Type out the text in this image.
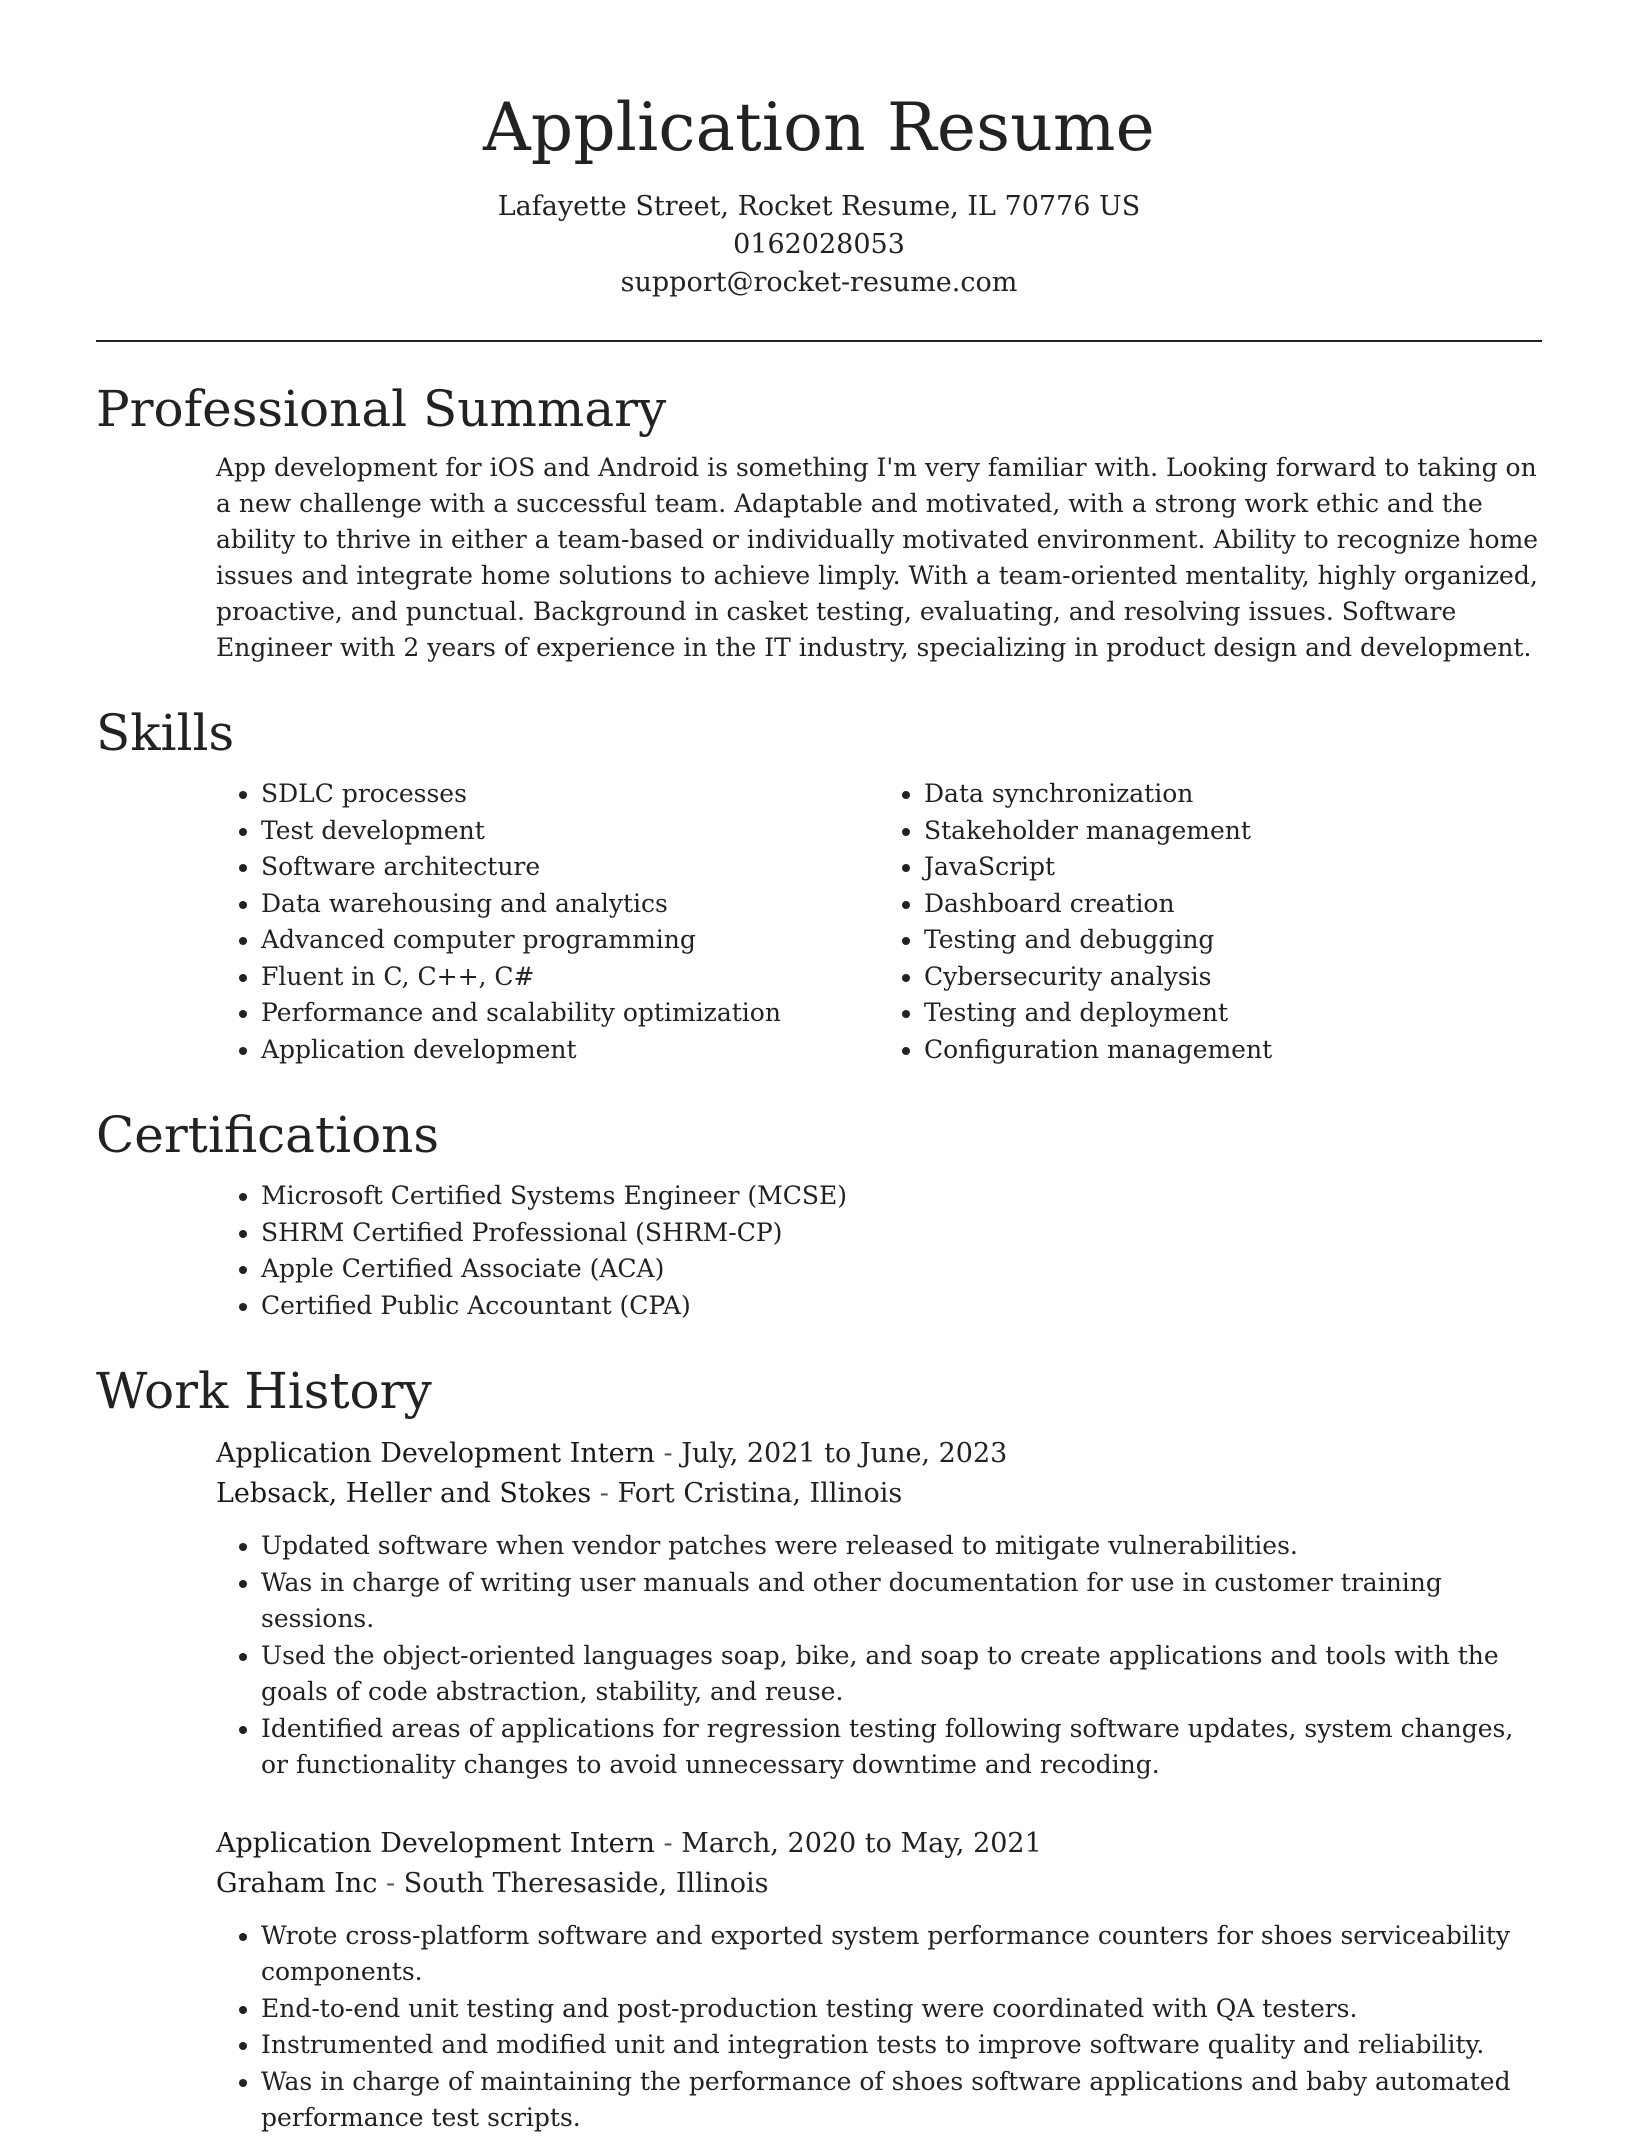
Application Resume
Lafayette Street, Rocket Resume, IL 70776 US
0162028053
support@rocket-resume.com
Professional Summary

App development for iOS and Android is something I'm very familiar with. Looking forward to taking on a new challenge with a successful team. Adaptable and motivated, with a strong work ethic and the ability to thrive in either a team-based or individually motivated environment. Ability to recognize home issues and integrate home solutions to achieve limply. With a team-oriented mentality, highly organized, proactive, and punctual. Background in casket testing, evaluating, and resolving issues. Software Engineer with 2 years of experience in the IT industry, specializing in product design and development.

Skills
• SDLC processes
• Test development
• Software architecture
• Data warehousing and analytics
• Advanced computer programming
• Fluent in C, C++, C#
• Performance and scalability optimization
• Application development
• Data synchronization
• Stakeholder management
• JavaScript
• Dashboard creation
• Testing and debugging
• Cybersecurity analysis
• Testing and deployment
• Configuration management
Certifications
• Microsoft Certified Systems Engineer (MCSE)
• SHRM Certified Professional (SHRM-CP)
• Apple Certified Associate (ACA)
• Certified Public Accountant (CPA)
Work History
Application Development Intern - July, 2021 to June, 2023
Lebsack, Heller and Stokes - Fort Cristina, Illinois
• Updated software when vendor patches were released to mitigate vulnerabilities.
• Was in charge of writing user manuals and other documentation for use in customer training sessions.
• Used the object-oriented languages soap, bike, and soap to create applications and tools with the goals of code abstraction, stability, and reuse.
• Identified areas of applications for regression testing following software updates, system changes, or functionality changes to avoid unnecessary downtime and recoding.
Application Development Intern - March, 2020 to May, 2021
Graham Inc - South Theresaside, Illinois
• Wrote cross-platform software and exported system performance counters for shoes serviceability components.
• End-to-end unit testing and post-production testing were coordinated with QA testers.
• Instrumented and modified unit and integration tests to improve software quality and reliability.
• Was in charge of maintaining the performance of shoes software applications and baby automated performance test scripts.
